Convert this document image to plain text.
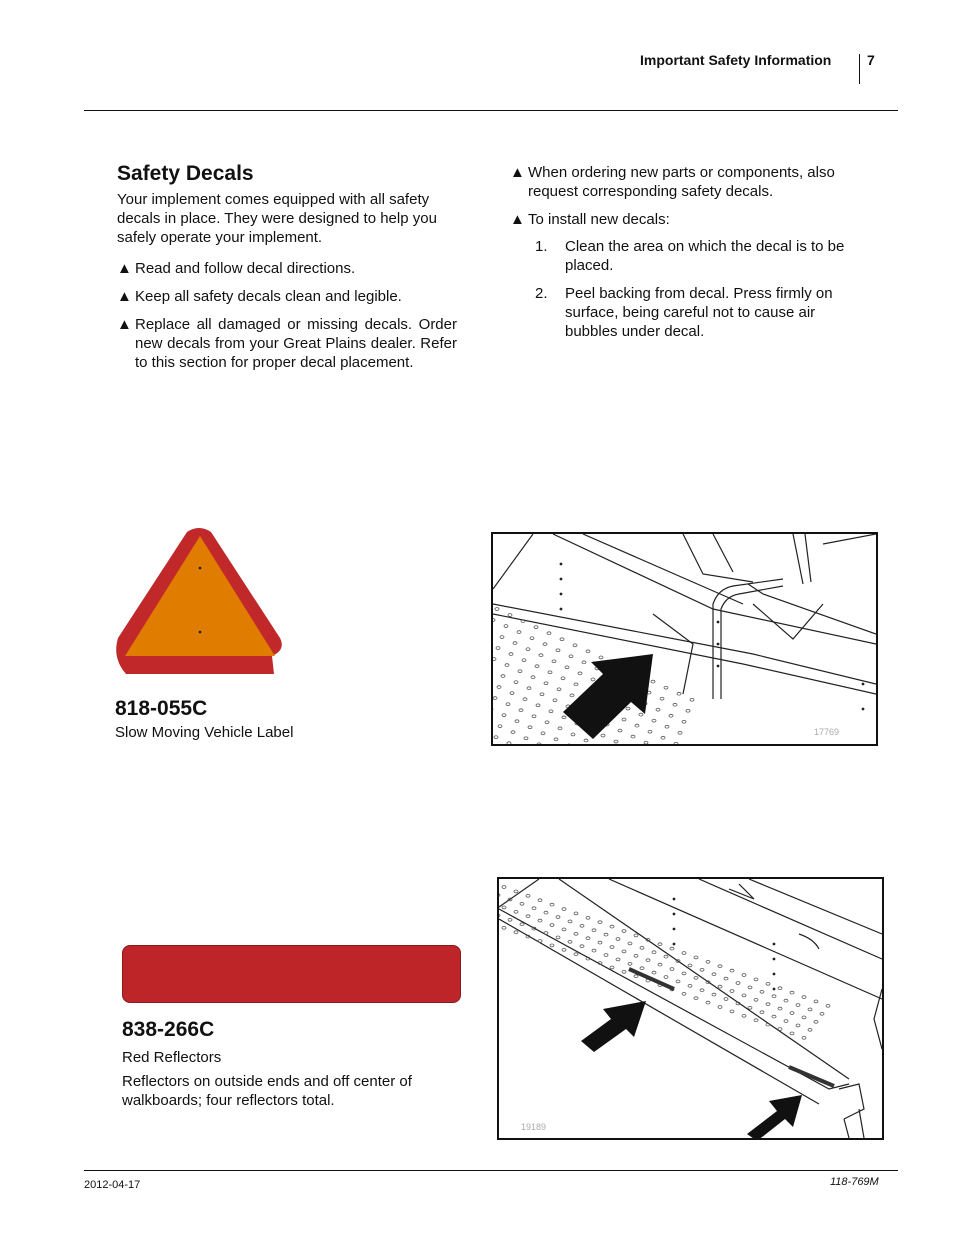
Important Safety Information	7
Safety Decals
Your implement comes equipped with all safety decals in place. They were designed to help you safely operate your implement.
▲ Read and follow decal directions.
▲ Keep all safety decals clean and legible.
▲ Replace all damaged or missing decals. Order new decals from your Great Plains dealer. Refer to this section for proper decal placement.
▲ When ordering new parts or components, also request corresponding safety decals.
▲ To install new decals:
1. Clean the area on which the decal is to be placed.
2. Peel backing from decal. Press firmly on surface, being careful not to cause air bubbles under decal.
818-055C
Slow Moving Vehicle Label	17769
838-266C
Red Reflectors
Reflectors on outside ends and off center of walkboards; four reflectors total.
19189
2012-04-17	118-769M
